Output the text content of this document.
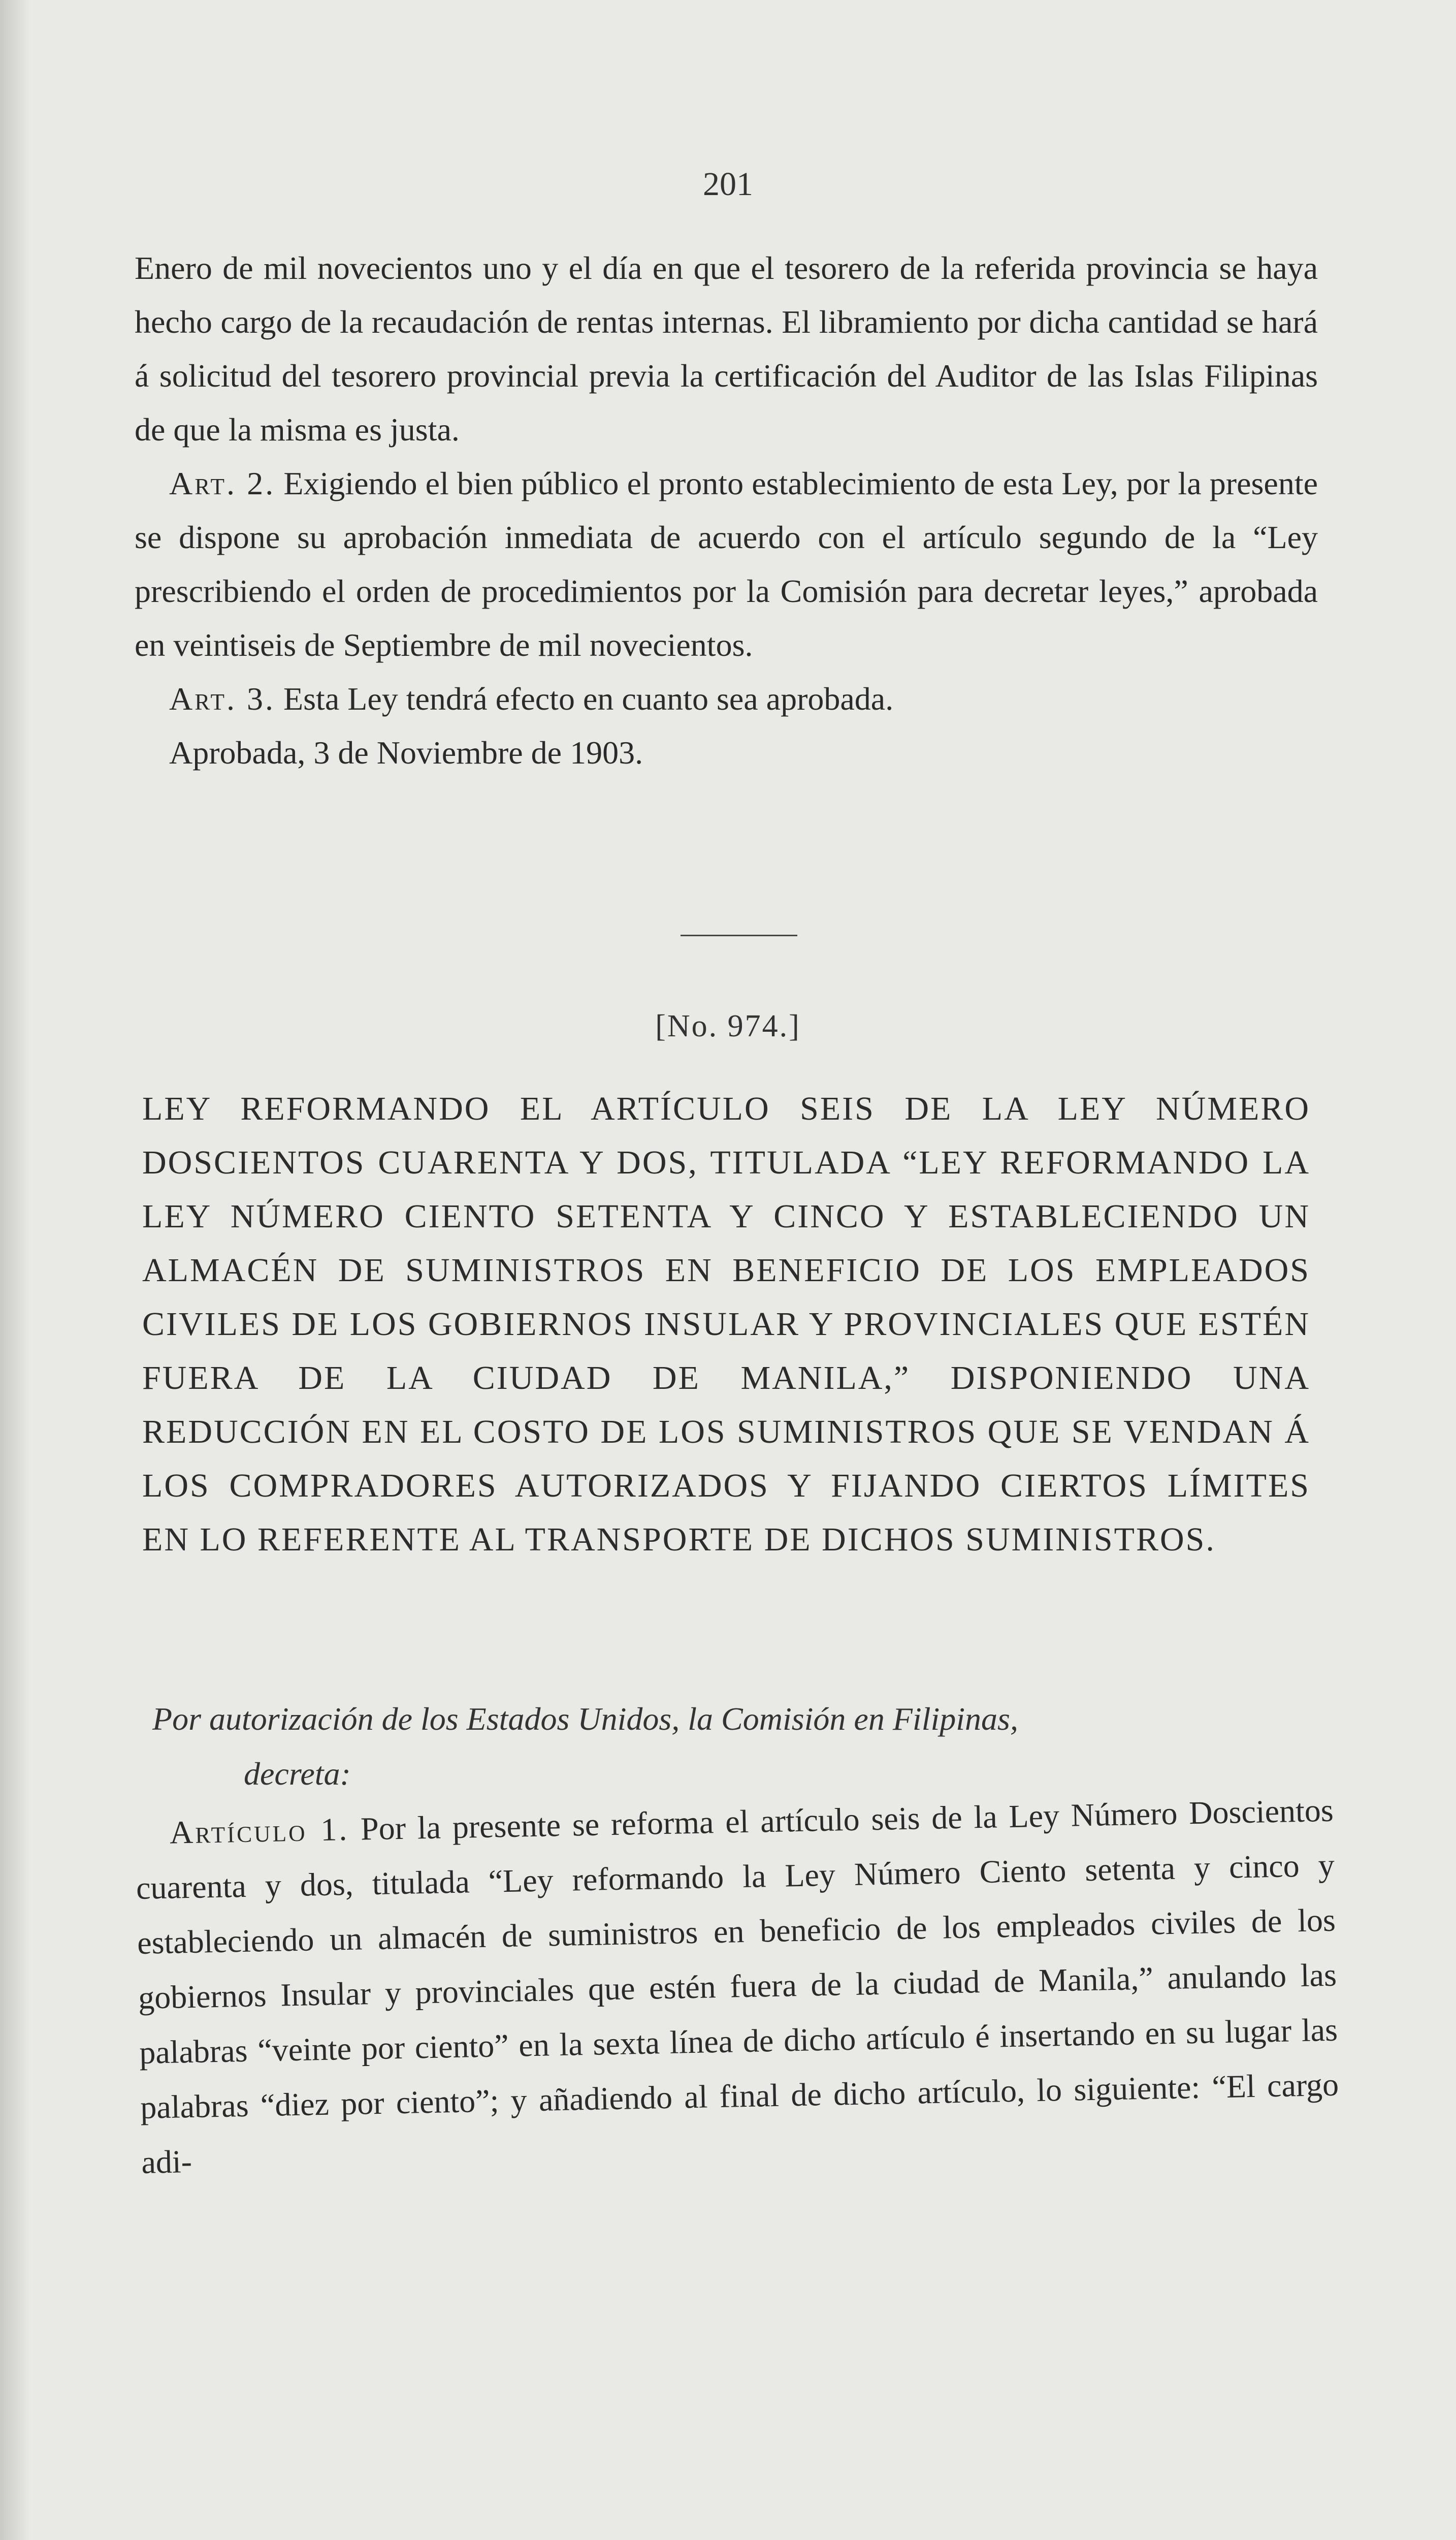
201

Enero de mil novecientos uno y el día en que el tesorero de la referida provincia se haya hecho cargo de la recaudación de rentas internas. El libramiento por dicha cantidad se hará á solicitud del tesorero provincial previa la certificación del Auditor de las Islas Filipinas de que la misma es justa.

Art. 2. Exigiendo el bien público el pronto establecimiento de esta Ley, por la presente se dispone su aprobación inmediata de acuerdo con el artículo segundo de la “Ley prescribiendo el orden de procedimientos por la Comisión para decretar leyes,” aprobada en veintiseis de Septiembre de mil novecientos.

Art. 3. Esta Ley tendrá efecto en cuanto sea aprobada.

Aprobada, 3 de Noviembre de 1903.

[No. 974.]
LEY REFORMANDO EL ARTÍCULO SEIS DE LA LEY NÚMERO DOSCIENTOS CUARENTA Y DOS, TITULADA “LEY REFORMANDO LA LEY NÚMERO CIENTO SETENTA Y CINCO Y ESTABLECIENDO UN ALMACÉN DE SUMINISTROS EN BENEFICIO DE LOS EMPLEADOS CIVILES DE LOS GOBIERNOS INSULAR Y PROVINCIALES QUE ESTÉN FUERA DE LA CIUDAD DE MANILA,” DISPONIENDO UNA REDUCCIÓN EN EL COSTO DE LOS SUMINISTROS QUE SE VENDAN Á LOS COMPRADORES AUTORIZADOS Y FIJANDO CIERTOS LÍMITES EN LO REFERENTE AL TRANSPORTE DE DICHOS SUMINISTROS.
Por autorización de los Estados Unidos, la Comisión en Filipinas,
decreta:

Artículo 1. Por la presente se reforma el artículo seis de la Ley Número Doscientos cuarenta y dos, titulada “Ley reformando la Ley Número Ciento setenta y cinco y estableciendo un almacén de suministros en beneficio de los empleados civiles de los gobiernos Insular y provinciales que estén fuera de la ciudad de Manila,” anulando las palabras “veinte por ciento” en la sexta línea de dicho artículo é insertando en su lugar las palabras “diez por ciento”; y añadiendo al final de dicho artículo, lo siguiente: “El cargo adi-
